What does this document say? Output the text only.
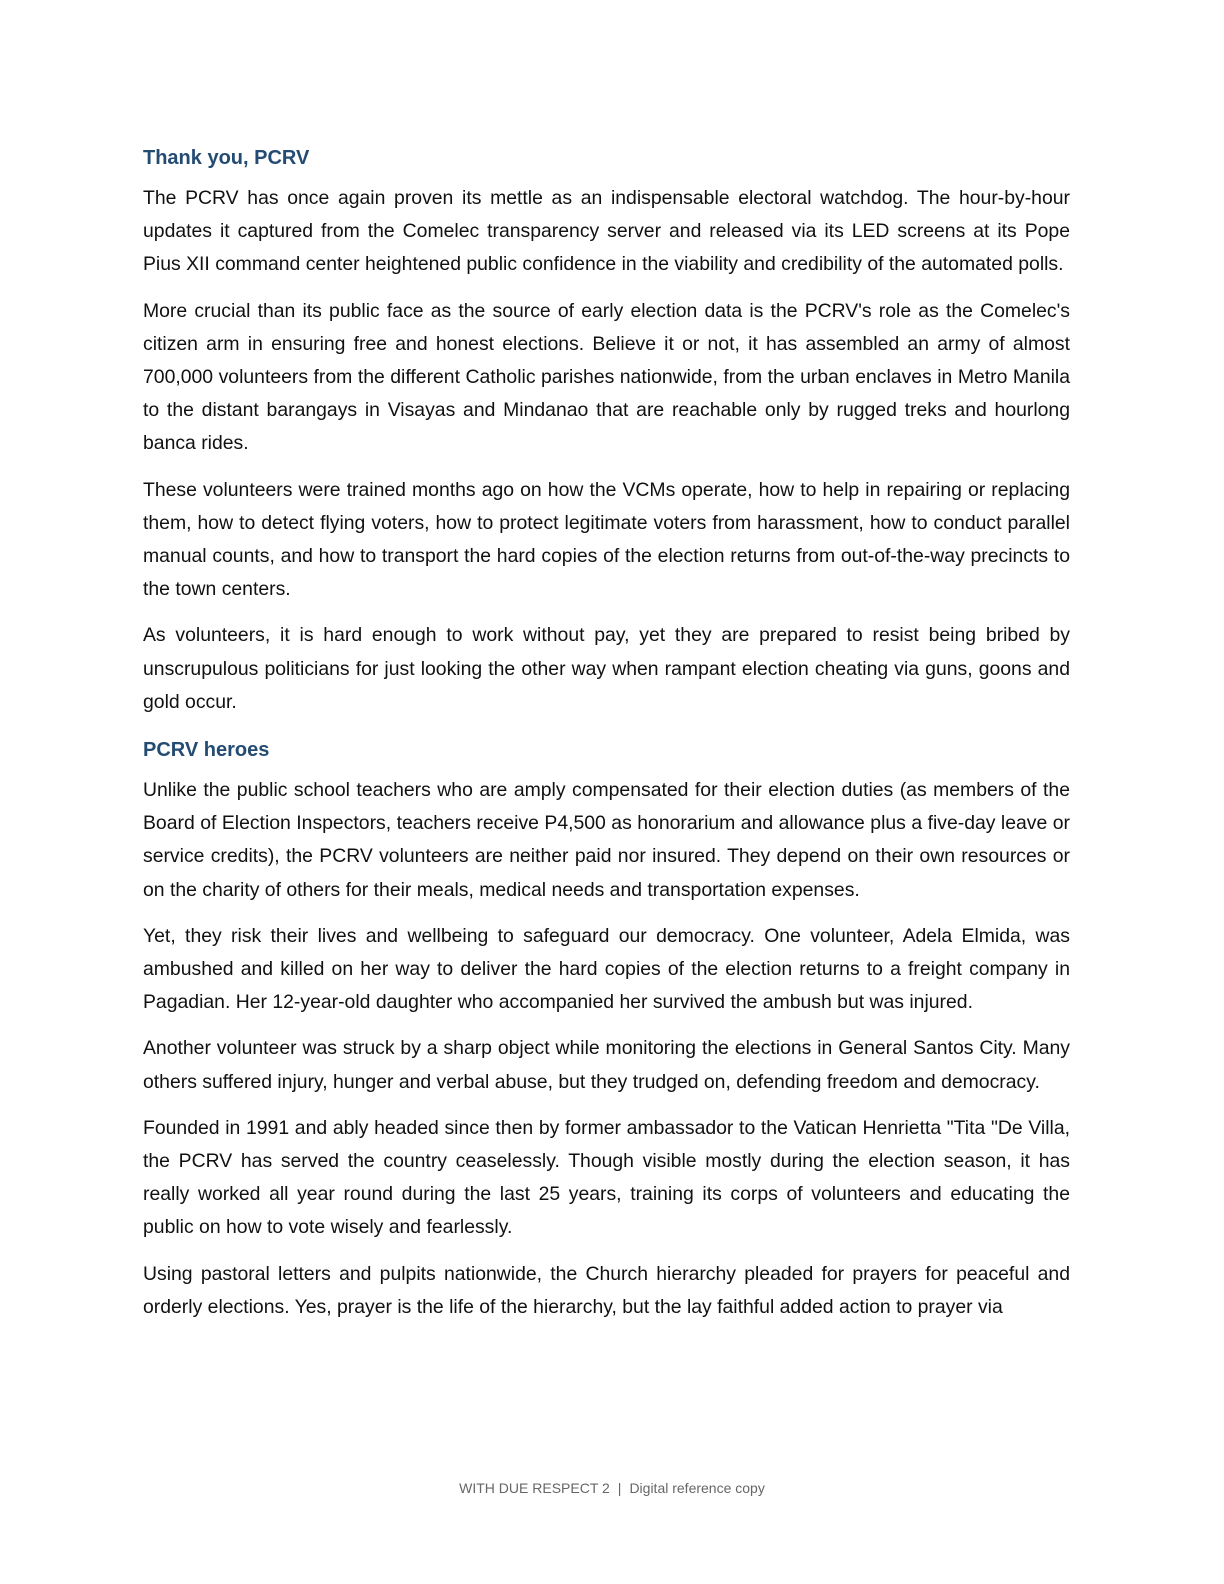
Thank you, PCRV

The PCRV has once again proven its mettle as an indispensable electoral watchdog. The hour-by-hour updates it captured from the Comelec transparency server and released via its LED screens at its Pope Pius XII command center heightened public confidence in the viability and credibility of the automated polls.

More crucial than its public face as the source of early election data is the PCRV's role as the Comelec's citizen arm in ensuring free and honest elections. Believe it or not, it has assembled an army of almost 700,000 volunteers from the different Catholic parishes nationwide, from the urban enclaves in Metro Manila to the distant barangays in Visayas and Mindanao that are reachable only by rugged treks and hourlong banca rides.

These volunteers were trained months ago on how the VCMs operate, how to help in repairing or replacing them, how to detect flying voters, how to protect legitimate voters from harassment, how to conduct parallel manual counts, and how to transport the hard copies of the election returns from out-of-the-way precincts to the town centers.

As volunteers, it is hard enough to work without pay, yet they are prepared to resist being bribed by unscrupulous politicians for just looking the other way when rampant election cheating via guns, goons and gold occur.

PCRV heroes

Unlike the public school teachers who are amply compensated for their election duties (as members of the Board of Election Inspectors, teachers receive P4,500 as honorarium and allowance plus a five-day leave or service credits), the PCRV volunteers are neither paid nor insured. They depend on their own resources or on the charity of others for their meals, medical needs and transportation expenses.

Yet, they risk their lives and wellbeing to safeguard our democracy. One volunteer, Adela Elmida, was ambushed and killed on her way to deliver the hard copies of the election returns to a freight company in Pagadian. Her 12-year-old daughter who accompanied her survived the ambush but was injured.

Another volunteer was struck by a sharp object while monitoring the elections in General Santos City. Many others suffered injury, hunger and verbal abuse, but they trudged on, defending freedom and democracy.

Founded in 1991 and ably headed since then by former ambassador to the Vatican Henrietta "Tita "De Villa, the PCRV has served the country ceaselessly. Though visible mostly during the election season, it has really worked all year round during the last 25 years, training its corps of volunteers and educating the public on how to vote wisely and fearlessly.

Using pastoral letters and pulpits nationwide, the Church hierarchy pleaded for prayers for peaceful and orderly elections. Yes, prayer is the life of the hierarchy, but the lay faithful added action to prayer via

WITH DUE RESPECT 2 | Digital reference copy
